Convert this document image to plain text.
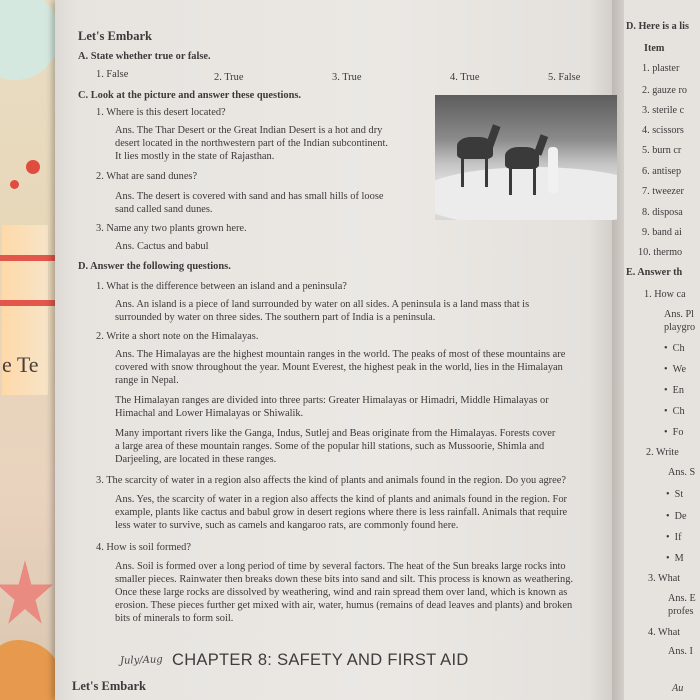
e Te
Let's Embark
A. State whether true or false.
1. False	2. True	3. True	4. True	5. False
C. Look at the picture and answer these questions.
1. Where is this desert located?
Ans. The Thar Desert or the Great Indian Desert is a hot and dry
desert located in the northwestern part of the Indian subcontinent.
It lies mostly in the state of Rajasthan.
2. What are sand dunes?
Ans. The desert is covered with sand and has small hills of loose
sand called sand dunes.
3. Name any two plants grown here.
Ans. Cactus and babul
D. Answer the following questions.
1. What is the difference between an island and a peninsula?
Ans. An island is a piece of land surrounded by water on all sides. A peninsula is a land mass that is
surrounded by water on three sides. The southern part of India is a peninsula.
2. Write a short note on the Himalayas.
Ans. The Himalayas are the highest mountain ranges in the world. The peaks of most of these mountains are
covered with snow throughout the year. Mount Everest, the highest peak in the world, lies in the Himalayan
range in Nepal.
The Himalayan ranges are divided into three parts: Greater Himalayas or Himadri, Middle Himalayas or
Himachal and Lower Himalayas or Shiwalik.
Many important rivers like the Ganga, Indus, Sutlej and Beas originate from the Himalayas. Forests cover
a large area of these mountain ranges. Some of the popular hill stations, such as Mussoorie, Shimla and
Darjeeling, are located in these ranges.
3. The scarcity of water in a region also affects the kind of plants and animals found in the region. Do you agree?
Ans. Yes, the scarcity of water in a region also affects the kind of plants and animals found in the region. For
example, plants like cactus and babul grow in desert regions where there is less rainfall. Animals that require
less water to survive, such as camels and kangaroo rats, are commonly found here.
4. How is soil formed?
Ans. Soil is formed over a long period of time by several factors. The heat of the Sun breaks large rocks into
smaller pieces. Rainwater then breaks down these bits into sand and silt. This process is known as weathering.
Once these large rocks are dissolved by weathering, wind and rain spread them over land, which is known as
erosion. These pieces further get mixed with air, water, humus (remains of dead leaves and plants) and broken
bits of minerals to form soil.
July/Aug CHAPTER 8: SAFETY AND FIRST AID
Let's Embark
D. Here is a lis
Item
1. plaster
2. gauze ro
3. sterile c
4. scissors
5. burn cr
6. antisep
7. tweezer
8. disposa
9. band ai
10. thermo
E. Answer th
1. How ca
Ans. Pl
playgro
•  Ch
•  We
•  En
•  Ch
•  Fo
2. Write
Ans. S
•  St
•  De
•  If
•  M
3. What
Ans. E
profes
4. What
Ans. I
Au
